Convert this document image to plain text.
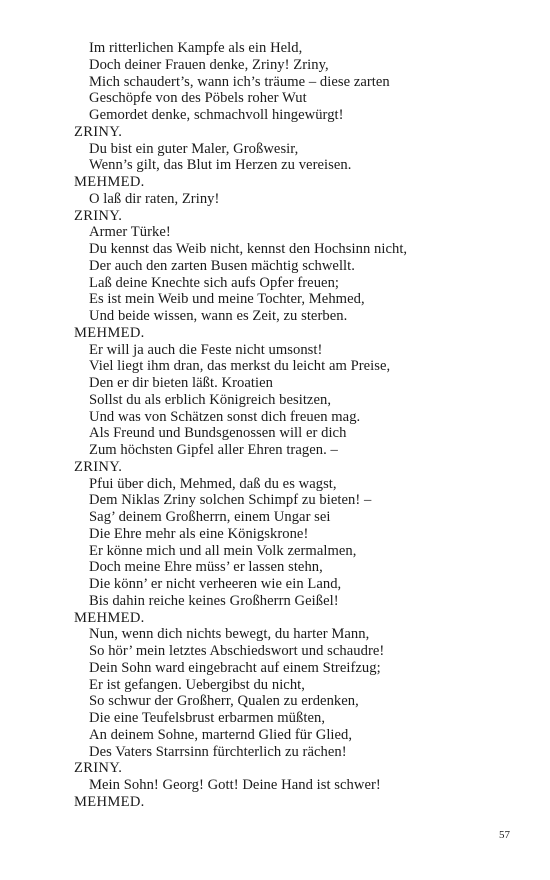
Im ritterlichen Kampfe als ein Held,
Doch deiner Frauen denke, Zriny! Zriny,
Mich schaudert’s, wann ich’s träume – diese zarten
Geschöpfe von des Pöbels roher Wut
Gemordet denke, schmachvoll hingewürgt!
ZRINY.
Du bist ein guter Maler, Großwesir,
Wenn’s gilt, das Blut im Herzen zu vereisen.
MEHMED.
O laß dir raten, Zriny!
ZRINY.
Armer Türke!
Du kennst das Weib nicht, kennst den Hochsinn nicht,
Der auch den zarten Busen mächtig schwellt.
Laß deine Knechte sich aufs Opfer freuen;
Es ist mein Weib und meine Tochter, Mehmed,
Und beide wissen, wann es Zeit, zu sterben.
MEHMED.
Er will ja auch die Feste nicht umsonst!
Viel liegt ihm dran, das merkst du leicht am Preise,
Den er dir bieten läßt. Kroatien
Sollst du als erblich Königreich besitzen,
Und was von Schätzen sonst dich freuen mag.
Als Freund und Bundsgenossen will er dich
Zum höchsten Gipfel aller Ehren tragen. –
ZRINY.
Pfui über dich, Mehmed, daß du es wagst,
Dem Niklas Zriny solchen Schimpf zu bieten! –
Sag’ deinem Großherrn, einem Ungar sei
Die Ehre mehr als eine Königskrone!
Er könne mich und all mein Volk zermalmen,
Doch meine Ehre müss’ er lassen stehn,
Die könn’ er nicht verheeren wie ein Land,
Bis dahin reiche keines Großherrn Geißel!
MEHMED.
Nun, wenn dich nichts bewegt, du harter Mann,
So hör’ mein letztes Abschiedswort und schaudre!
Dein Sohn ward eingebracht auf einem Streifzug;
Er ist gefangen. Uebergibst du nicht,
So schwur der Großherr, Qualen zu erdenken,
Die eine Teufelsbrust erbarmen müßten,
An deinem Sohne, marternd Glied für Glied,
Des Vaters Starrsinn fürchterlich zu rächen!
ZRINY.
Mein Sohn! Georg! Gott! Deine Hand ist schwer!
MEHMED.
57
